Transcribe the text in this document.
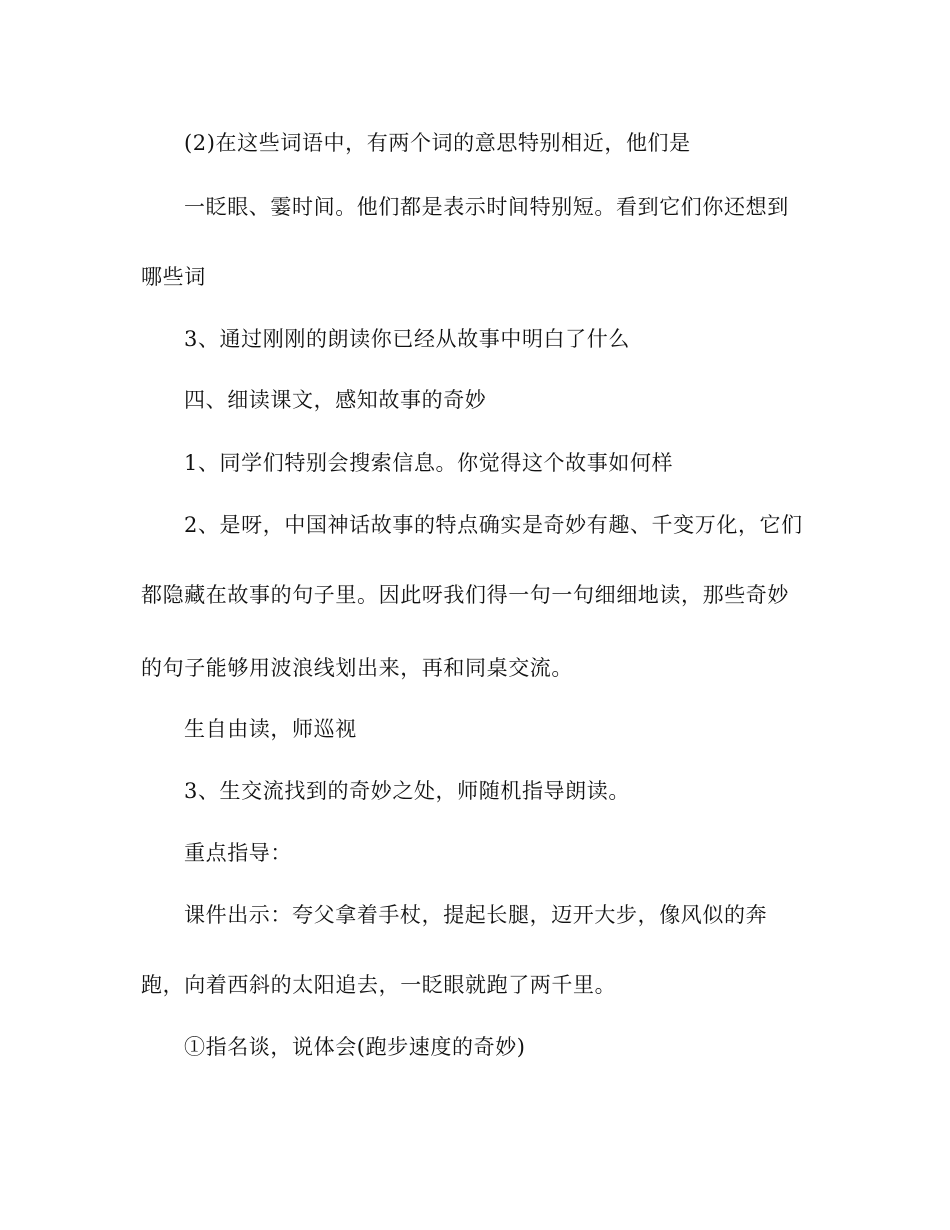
(2)在这些词语中，有两个词的意思特别相近，他们是
一眨眼、霎时间。他们都是表示时间特别短。看到它们你还想到
哪些词
3、通过刚刚的朗读你已经从故事中明白了什么
四、细读课文，感知故事的奇妙
1、同学们特别会搜索信息。你觉得这个故事如何样
2、是呀，中国神话故事的特点确实是奇妙有趣、千变万化，它们
都隐藏在故事的句子里。因此呀我们得一句一句细细地读，那些奇妙
的句子能够用波浪线划出来，再和同桌交流。
生自由读，师巡视
3、生交流找到的奇妙之处，师随机指导朗读。
重点指导：
课件出示：夸父拿着手杖，提起长腿，迈开大步，像风似的奔
跑，向着西斜的太阳追去，一眨眼就跑了两千里。
①指名谈，说体会(跑步速度的奇妙)
